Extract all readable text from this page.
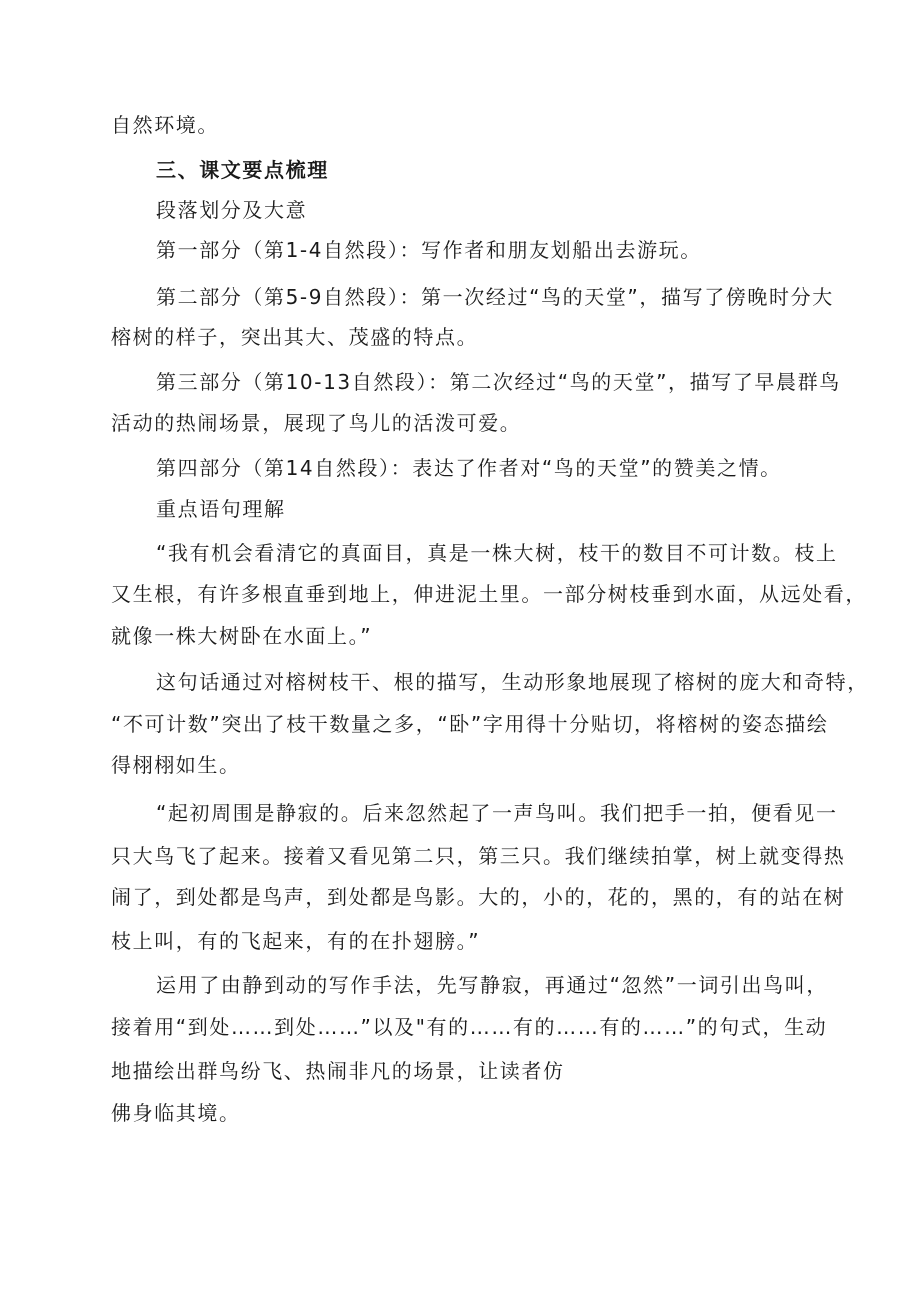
自然环境。
三、课文要点梳理
段落划分及大意
第一部分（第1-4自然段）：写作者和朋友划船出去游玩。
第二部分（第5-9自然段）：第一次经过“鸟的天堂”，描写了傍晚时分大
榕树的样子，突出其大、茂盛的特点。
第三部分（第10-13自然段）：第二次经过“鸟的天堂”，描写了早晨群鸟
活动的热闹场景，展现了鸟儿的活泼可爱。
第四部分（第14自然段）：表达了作者对“鸟的天堂”的赞美之情。
重点语句理解
“我有机会看清它的真面目，真是一株大树，枝干的数目不可计数。枝上
又生根，有许多根直垂到地上，伸进泥土里。一部分树枝垂到水面，从远处看，
就像一株大树卧在水面上。”
这句话通过对榕树枝干、根的描写，生动形象地展现了榕树的庞大和奇特，
“不可计数”突出了枝干数量之多，“卧”字用得十分贴切，将榕树的姿态描绘
得栩栩如生。
“起初周围是静寂的。后来忽然起了一声鸟叫。我们把手一拍，便看见一
只大鸟飞了起来。接着又看见第二只，第三只。我们继续拍掌，树上就变得热
闹了，到处都是鸟声，到处都是鸟影。大的，小的，花的，黑的，有的站在树
枝上叫，有的飞起来，有的在扑翅膀。”
运用了由静到动的写作手法，先写静寂，再通过“忽然”一词引出鸟叫，
接着用“到处……到处……”以及"有的……有的……有的……”的句式，生动
地描绘出群鸟纷飞、热闹非凡的场景，让读者仿
佛身临其境。
